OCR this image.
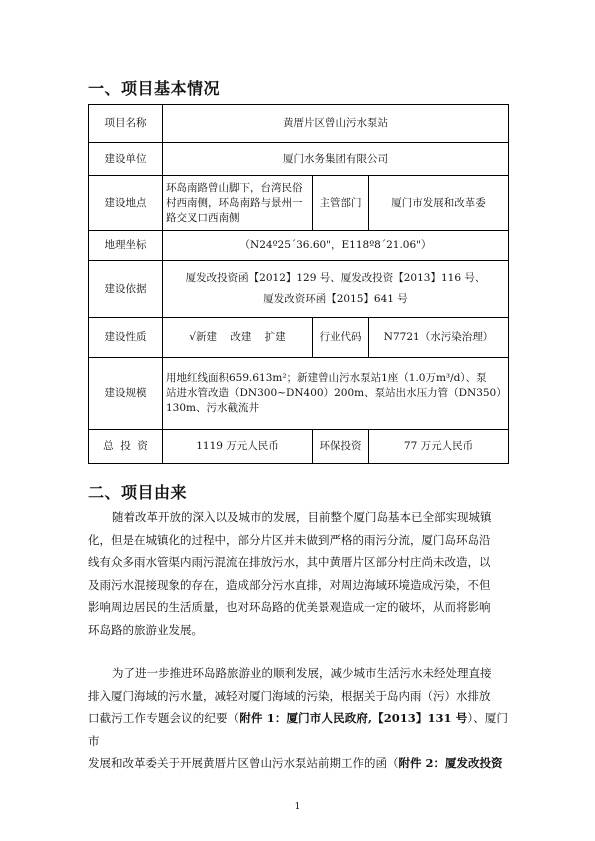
一、项目基本情况
项目名称	黄厝片区曾山污水泵站		
建设单位	厦门水务集团有限公司		
建设地点	环岛南路曾山脚下，台湾民俗村西南侧，环岛南路与景州一路交叉口西南侧	主管部门	厦门市发展和改革委
地理坐标	（N24º25´36.60"，E118º8´21.06"）		
建设依据	厦发改投资函【2012】129 号、厦发改投资【2013】116 号、
厦发改资环函【2015】641 号		

建设性质	√新建    改建    扩建	行业代码	N7721（水污染治理）
建设规模	用地红线面积659.613m²；新建曾山污水泵站1座（1.0万m³/d）、泵
站进水管改造（DN300~DN400）200m、泵站出水压力管（DN350）
130m、污水截流井		

总  投  资	1119 万元人民币	环保投资	77 万元人民币
二、项目由来
随着改革开放的深入以及城市的发展，目前整个厦门岛基本已全部实现城镇
化，但是在城镇化的过程中，部分片区并未做到严格的雨污分流，厦门岛环岛沿
线有众多雨水管渠内雨污混流在排放污水，其中黄厝片区部分村庄尚未改造，以
及雨污水混接现象的存在，造成部分污水直排，对周边海域环境造成污染，不但
影响周边居民的生活质量，也对环岛路的优美景观造成一定的破坏，从而将影响
环岛路的旅游业发展。
为了进一步推进环岛路旅游业的顺利发展，减少城市生活污水未经处理直接
排入厦门海域的污水量，减轻对厦门海域的污染，根据关于岛内雨（污）水排放
口截污工作专题会议的纪要（附件 1：厦门市人民政府,【2013】131 号）、厦门市
发展和改革委关于开展黄厝片区曾山污水泵站前期工作的函（附件 2：厦发改投资
1
